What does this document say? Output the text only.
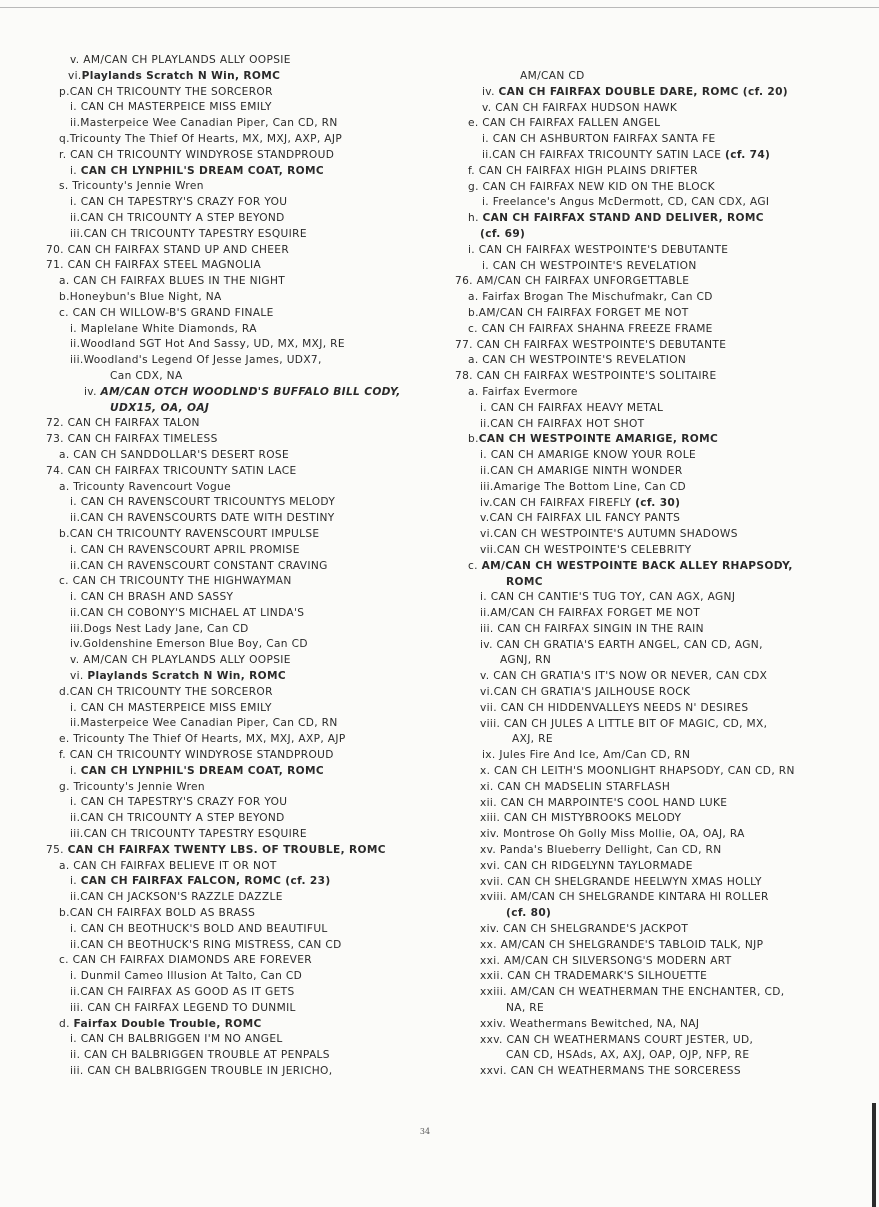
v. AM/CAN CH PLAYLANDS ALLY OOPSIE
vi.Playlands Scratch N Win, ROMC
p.CAN CH TRICOUNTY THE SORCEROR
i. CAN CH MASTERPEICE MISS EMILY
ii.Masterpeice Wee Canadian Piper, Can CD, RN
q.Tricounty The Thief Of Hearts, MX, MXJ, AXP, AJP
r. CAN CH TRICOUNTY WINDYROSE STANDPROUD
i. CAN CH LYNPHIL'S DREAM COAT, ROMC
s. Tricounty's Jennie Wren
i. CAN CH TAPESTRY'S CRAZY FOR YOU
ii.CAN CH TRICOUNTY A STEP BEYOND
iii.CAN CH TRICOUNTY TAPESTRY ESQUIRE
70. CAN CH FAIRFAX STAND UP AND CHEER
71. CAN CH FAIRFAX STEEL MAGNOLIA
a. CAN CH FAIRFAX BLUES IN THE NIGHT
b.Honeybun's Blue Night, NA
c. CAN CH WILLOW-B'S GRAND FINALE
i. Maplelane White Diamonds, RA
ii.Woodland SGT Hot And Sassy, UD, MX, MXJ, RE
iii.Woodland's Legend Of Jesse James, UDX7,
Can CDX, NA
iv. AM/CAN OTCH WOODLND'S BUFFALO BILL CODY,
UDX15, OA, OAJ
72. CAN CH FAIRFAX TALON
73. CAN CH FAIRFAX TIMELESS
a. CAN CH SANDDOLLAR'S DESERT ROSE
74. CAN CH FAIRFAX TRICOUNTY SATIN LACE
a. Tricounty Ravencourt Vogue
i. CAN CH RAVENSCOURT TRICOUNTYS MELODY
ii.CAN CH RAVENSCOURTS DATE WITH DESTINY
b.CAN CH TRICOUNTY RAVENSCOURT IMPULSE
i. CAN CH RAVENSCOURT APRIL PROMISE
ii.CAN CH RAVENSCOURT CONSTANT CRAVING
c. CAN CH TRICOUNTY THE HIGHWAYMAN
i. CAN CH BRASH AND SASSY
ii.CAN CH COBONY'S MICHAEL AT LINDA'S
iii.Dogs Nest Lady Jane, Can CD
iv.Goldenshine Emerson Blue Boy, Can CD
v. AM/CAN CH PLAYLANDS ALLY OOPSIE
vi. Playlands Scratch N Win, ROMC
d.CAN CH TRICOUNTY THE SORCEROR
i. CAN CH MASTERPEICE MISS EMILY
ii.Masterpeice Wee Canadian Piper, Can CD, RN
e. Tricounty The Thief Of Hearts, MX, MXJ, AXP, AJP
f. CAN CH TRICOUNTY WINDYROSE STANDPROUD
i. CAN CH LYNPHIL'S DREAM COAT, ROMC
g. Tricounty's Jennie Wren
i. CAN CH TAPESTRY'S CRAZY FOR YOU
ii.CAN CH TRICOUNTY A STEP BEYOND
iii.CAN CH TRICOUNTY TAPESTRY ESQUIRE
75. CAN CH FAIRFAX TWENTY LBS. OF TROUBLE, ROMC
a. CAN CH FAIRFAX BELIEVE IT OR NOT
i. CAN CH FAIRFAX FALCON, ROMC (cf. 23)
ii.CAN CH JACKSON'S RAZZLE DAZZLE
b.CAN CH FAIRFAX BOLD AS BRASS
i. CAN CH BEOTHUCK'S BOLD AND BEAUTIFUL
ii.CAN CH BEOTHUCK'S RING MISTRESS, CAN CD
c. CAN CH FAIRFAX DIAMONDS ARE FOREVER
i. Dunmil Cameo Illusion At Talto, Can CD
ii.CAN CH FAIRFAX AS GOOD AS IT GETS
iii. CAN CH FAIRFAX LEGEND TO DUNMIL
d. Fairfax Double Trouble, ROMC
i. CAN CH BALBRIGGEN I'M NO ANGEL
ii. CAN CH BALBRIGGEN TROUBLE AT PENPALS
iii. CAN CH BALBRIGGEN TROUBLE IN JERICHO,
AM/CAN CD
iv. CAN CH FAIRFAX DOUBLE DARE, ROMC (cf. 20)
v. CAN CH FAIRFAX HUDSON HAWK
e. CAN CH FAIRFAX FALLEN ANGEL
i. CAN CH ASHBURTON FAIRFAX SANTA FE
ii.CAN CH FAIRFAX TRICOUNTY SATIN LACE (cf. 74)
f. CAN CH FAIRFAX HIGH PLAINS DRIFTER
g. CAN CH FAIRFAX NEW KID ON THE BLOCK
i. Freelance's Angus McDermott, CD, CAN CDX, AGI
h. CAN CH FAIRFAX STAND AND DELIVER, ROMC
(cf. 69)
i. CAN CH FAIRFAX WESTPOINTE'S DEBUTANTE
i. CAN CH WESTPOINTE'S REVELATION
76. AM/CAN CH FAIRFAX UNFORGETTABLE
a. Fairfax Brogan The Mischufmakr, Can CD
b.AM/CAN CH FAIRFAX FORGET ME NOT
c. CAN CH FAIRFAX SHAHNA FREEZE FRAME
77. CAN CH FAIRFAX WESTPOINTE'S DEBUTANTE
a. CAN CH WESTPOINTE'S REVELATION
78. CAN CH FAIRFAX WESTPOINTE'S SOLITAIRE
a. Fairfax Evermore
i. CAN CH FAIRFAX HEAVY METAL
ii.CAN CH FAIRFAX HOT SHOT
b.CAN CH WESTPOINTE AMARIGE, ROMC
i. CAN CH AMARIGE KNOW YOUR ROLE
ii.CAN CH AMARIGE NINTH WONDER
iii.Amarige The Bottom Line, Can CD
iv.CAN CH FAIRFAX FIREFLY (cf. 30)
v.CAN CH FAIRFAX LIL FANCY PANTS
vi.CAN CH WESTPOINTE'S AUTUMN SHADOWS
vii.CAN CH WESTPOINTE'S CELEBRITY
c. AM/CAN CH WESTPOINTE BACK ALLEY RHAPSODY,
ROMC
i. CAN CH CANTIE'S TUG TOY, CAN AGX, AGNJ
ii.AM/CAN CH FAIRFAX FORGET ME NOT
iii. CAN CH FAIRFAX SINGIN IN THE RAIN
iv. CAN CH GRATIA'S EARTH ANGEL, CAN CD, AGN,
AGNJ, RN
v. CAN CH GRATIA'S IT'S NOW OR NEVER, CAN CDX
vi.CAN CH GRATIA'S JAILHOUSE ROCK
vii. CAN CH HIDDENVALLEYS NEEDS N' DESIRES
viii. CAN CH JULES A LITTLE BIT OF MAGIC, CD, MX,
AXJ, RE
ix. Jules Fire And Ice, Am/Can CD, RN
x. CAN CH LEITH'S MOONLIGHT RHAPSODY, CAN CD, RN
xi. CAN CH MADSELIN STARFLASH
xii. CAN CH MARPOINTE'S COOL HAND LUKE
xiii. CAN CH MISTYBROOKS MELODY
xiv. Montrose Oh Golly Miss Mollie, OA, OAJ, RA
xv. Panda's Blueberry Dellight, Can CD, RN
xvi. CAN CH RIDGELYNN TAYLORMADE
xvii. CAN CH SHELGRANDE HEELWYN XMAS HOLLY
xviii. AM/CAN CH SHELGRANDE KINTARA HI ROLLER
(cf. 80)
xiv. CAN CH SHELGRANDE'S JACKPOT
xx. AM/CAN CH SHELGRANDE'S TABLOID TALK, NJP
xxi. AM/CAN CH SILVERSONG'S MODERN ART
xxii. CAN CH TRADEMARK'S SILHOUETTE
xxiii. AM/CAN CH WEATHERMAN THE ENCHANTER, CD,
NA, RE
xxiv. Weathermans Bewitched, NA, NAJ
xxv. CAN CH WEATHERMANS COURT JESTER, UD,
CAN CD, HSAds, AX, AXJ, OAP, OJP, NFP, RE
xxvi. CAN CH WEATHERMANS THE SORCERESS
34
